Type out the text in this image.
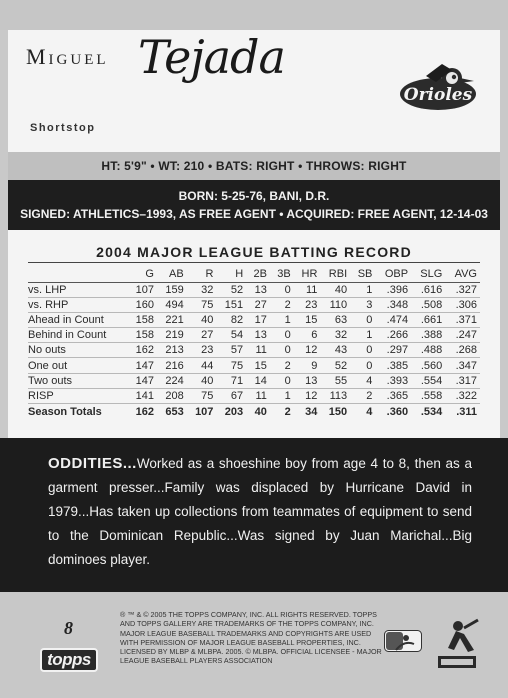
Miguel Tejada
Shortstop
Orioles
HT: 5'9" • WT: 210 • BATS: RIGHT • THROWS: RIGHT
BORN: 5-25-76, BANI, D.R.
SIGNED: ATHLETICS–1993, AS FREE AGENT • ACQUIRED: FREE AGENT, 12-14-03
2004 MAJOR LEAGUE BATTING RECORD
	G	AB	R	H	2B	3B	HR	RBI	SB	OBP	SLG	AVG
vs. LHP	107	159	32	52	13	0	11	40	1	.396	.616	.327
vs. RHP	160	494	75	151	27	2	23	110	3	.348	.508	.306
Ahead in Count	158	221	40	82	17	1	15	63	0	.474	.661	.371
Behind in Count	158	219	27	54	13	0	6	32	1	.266	.388	.247
No outs	162	213	23	57	11	0	12	43	0	.297	.488	.268
One out	147	216	44	75	15	2	9	52	0	.385	.560	.347
Two outs	147	224	40	71	14	0	13	55	4	.393	.554	.317
RISP	141	208	75	67	11	1	12	113	2	.365	.558	.322
Season Totals	162	653	107	203	40	2	34	150	4	.360	.534	.311
ODDITIES...Worked as a shoeshine boy from age 4 to 8, then as a garment presser...Family was displaced by Hurricane David in 1979...Has taken up collections from teammates of equipment to send to the Dominican Republic...Was signed by Juan Marichal...Big dominoes player.
8
topps
® ™ & © 2005 THE TOPPS COMPANY, INC. ALL RIGHTS RESERVED. TOPPS AND TOPPS GALLERY ARE TRADEMARKS OF THE TOPPS COMPANY, INC. MAJOR LEAGUE BASEBALL TRADEMARKS AND COPYRIGHTS ARE USED WITH PERMISSION OF MAJOR LEAGUE BASEBALL PROPERTIES, INC. LICENSED BY MLBP & MLBPA. 2005. © MLBPA. OFFICIAL LICENSEE - MAJOR LEAGUE BASEBALL PLAYERS ASSOCIATION
